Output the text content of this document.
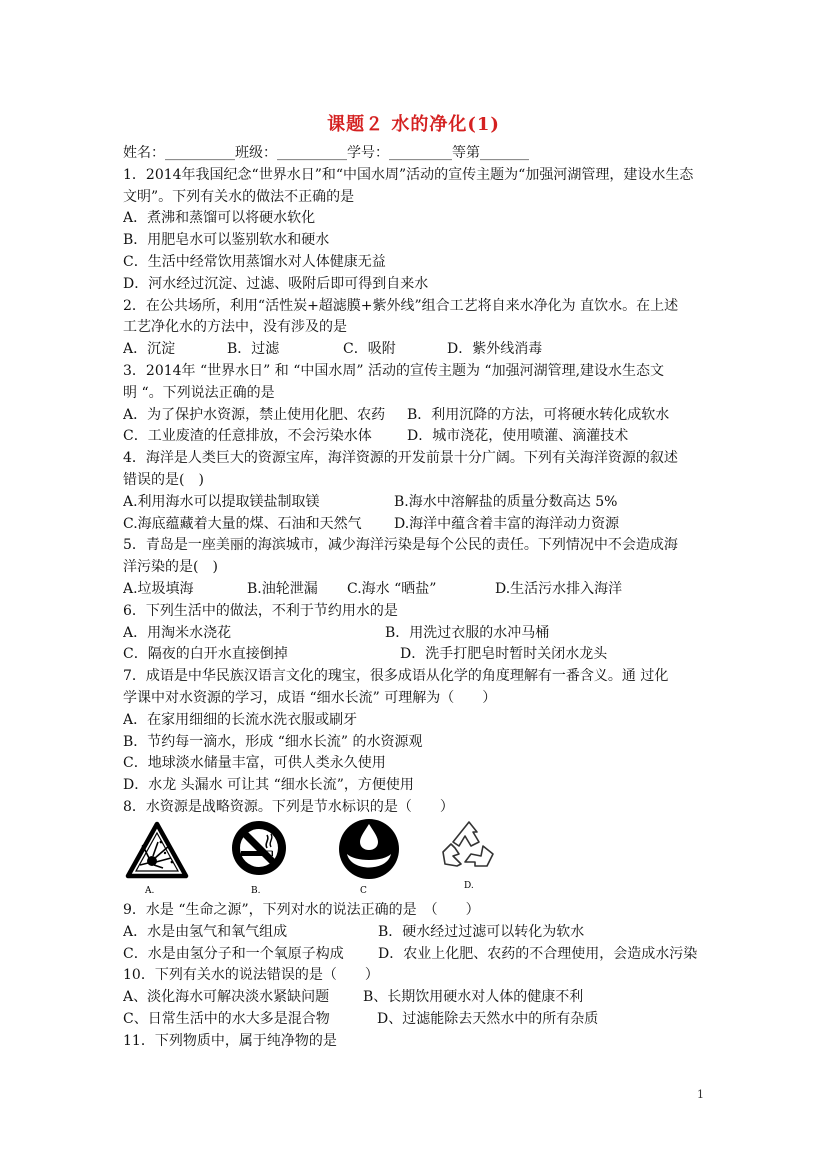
课题２ 水的净化(1)
姓名：__________班级：__________学号：_________等第_______
1．2014年我国纪念“世界水日”和“中国水周”活动的宣传主题为“加强河湖管理，建设水生态
文明”。下列有关水的做法不正确的是
A．煮沸和蒸馏可以将硬水软化
B．用肥皂水可以鉴别软水和硬水
C．生活中经常饮用蒸馏水对人体健康无益
D．河水经过沉淀、过滤、吸附后即可得到自来水
2．在公共场所，利用“活性炭+超滤膜+紫外线”组合工艺将自来水净化为 直饮水。在上述
工艺净化水的方法中，没有涉及的是
A．沉淀	B．过滤	C．吸附	D．紫外线消毒
3．2014年 “世界水日” 和 “中国水周” 活动的宣传主题为 “加强河湖管理,建设水生态文
明 “。下列说法正确的是
A．为了保护水资源，禁止使用化肥、农药	B．利用沉降的方法，可将硬水转化成软水
C．工业废渣的任意排放，不会污染水体	D．城市浇花，使用喷灌、滴灌技术
4．海洋是人类巨大的资源宝库，海洋资源的开发前景十分广阔。下列有关海洋资源的叙述
错误的是(　)
A.利用海水可以提取镁盐制取镁	B.海水中溶解盐的质量分数高达 5%
C.海底蕴藏着大量的煤、石油和天然气	D.海洋中蕴含着丰富的海洋动力资源
5．青岛是一座美丽的海滨城市，减少海洋污染是每个公民的责任。下列情况中不会造成海
洋污染的是(　)
A.垃圾填海	B.油轮泄漏	C.海水 “晒盐”	D.生活污水排入海洋
6．下列生活中的做法，不利于节约用水的是
A．用淘米水浇花	B．用洗过衣服的水冲马桶
C．隔夜的白开水直接倒掉	D．洗手打肥皂时暂时关闭水龙头
7．成语是中华民族汉语言文化的瑰宝，很多成语从化学的角度理解有一番含义。通 过化
学课中对水资源的学习，成语 “细水长流” 可理解为（　　）
A．在家用细细的长流水洗衣服或刷牙
B．节约每一滴水，形成 “细水长流” 的水资源观
C．地球淡水储量丰富，可供人类永久使用
D．水龙 头漏水 可让其 “细水长流”，方便使用
8．水资源是战略资源。下列是节水标识的是（　　）
A.	B.	C	D.
9．水是 “生命之源”，下列对水的说法正确的是　（　　）
A．水是由氢气和氧气组成	B．硬水经过过滤可以转化为软水
C．水是由氢分子和一个氧原子构成	D．农业上化肥、农药的不合理使用，会造成水污染
10．下列有关水的说法错误的是（　　）
A、淡化海水可解决淡水紧缺问题	B、长期饮用硬水对人体的健康不利
C、日常生活中的水大多是混合物	D、过滤能除去天然水中的所有杂质
11．下列物质中，属于纯净物的是
1
